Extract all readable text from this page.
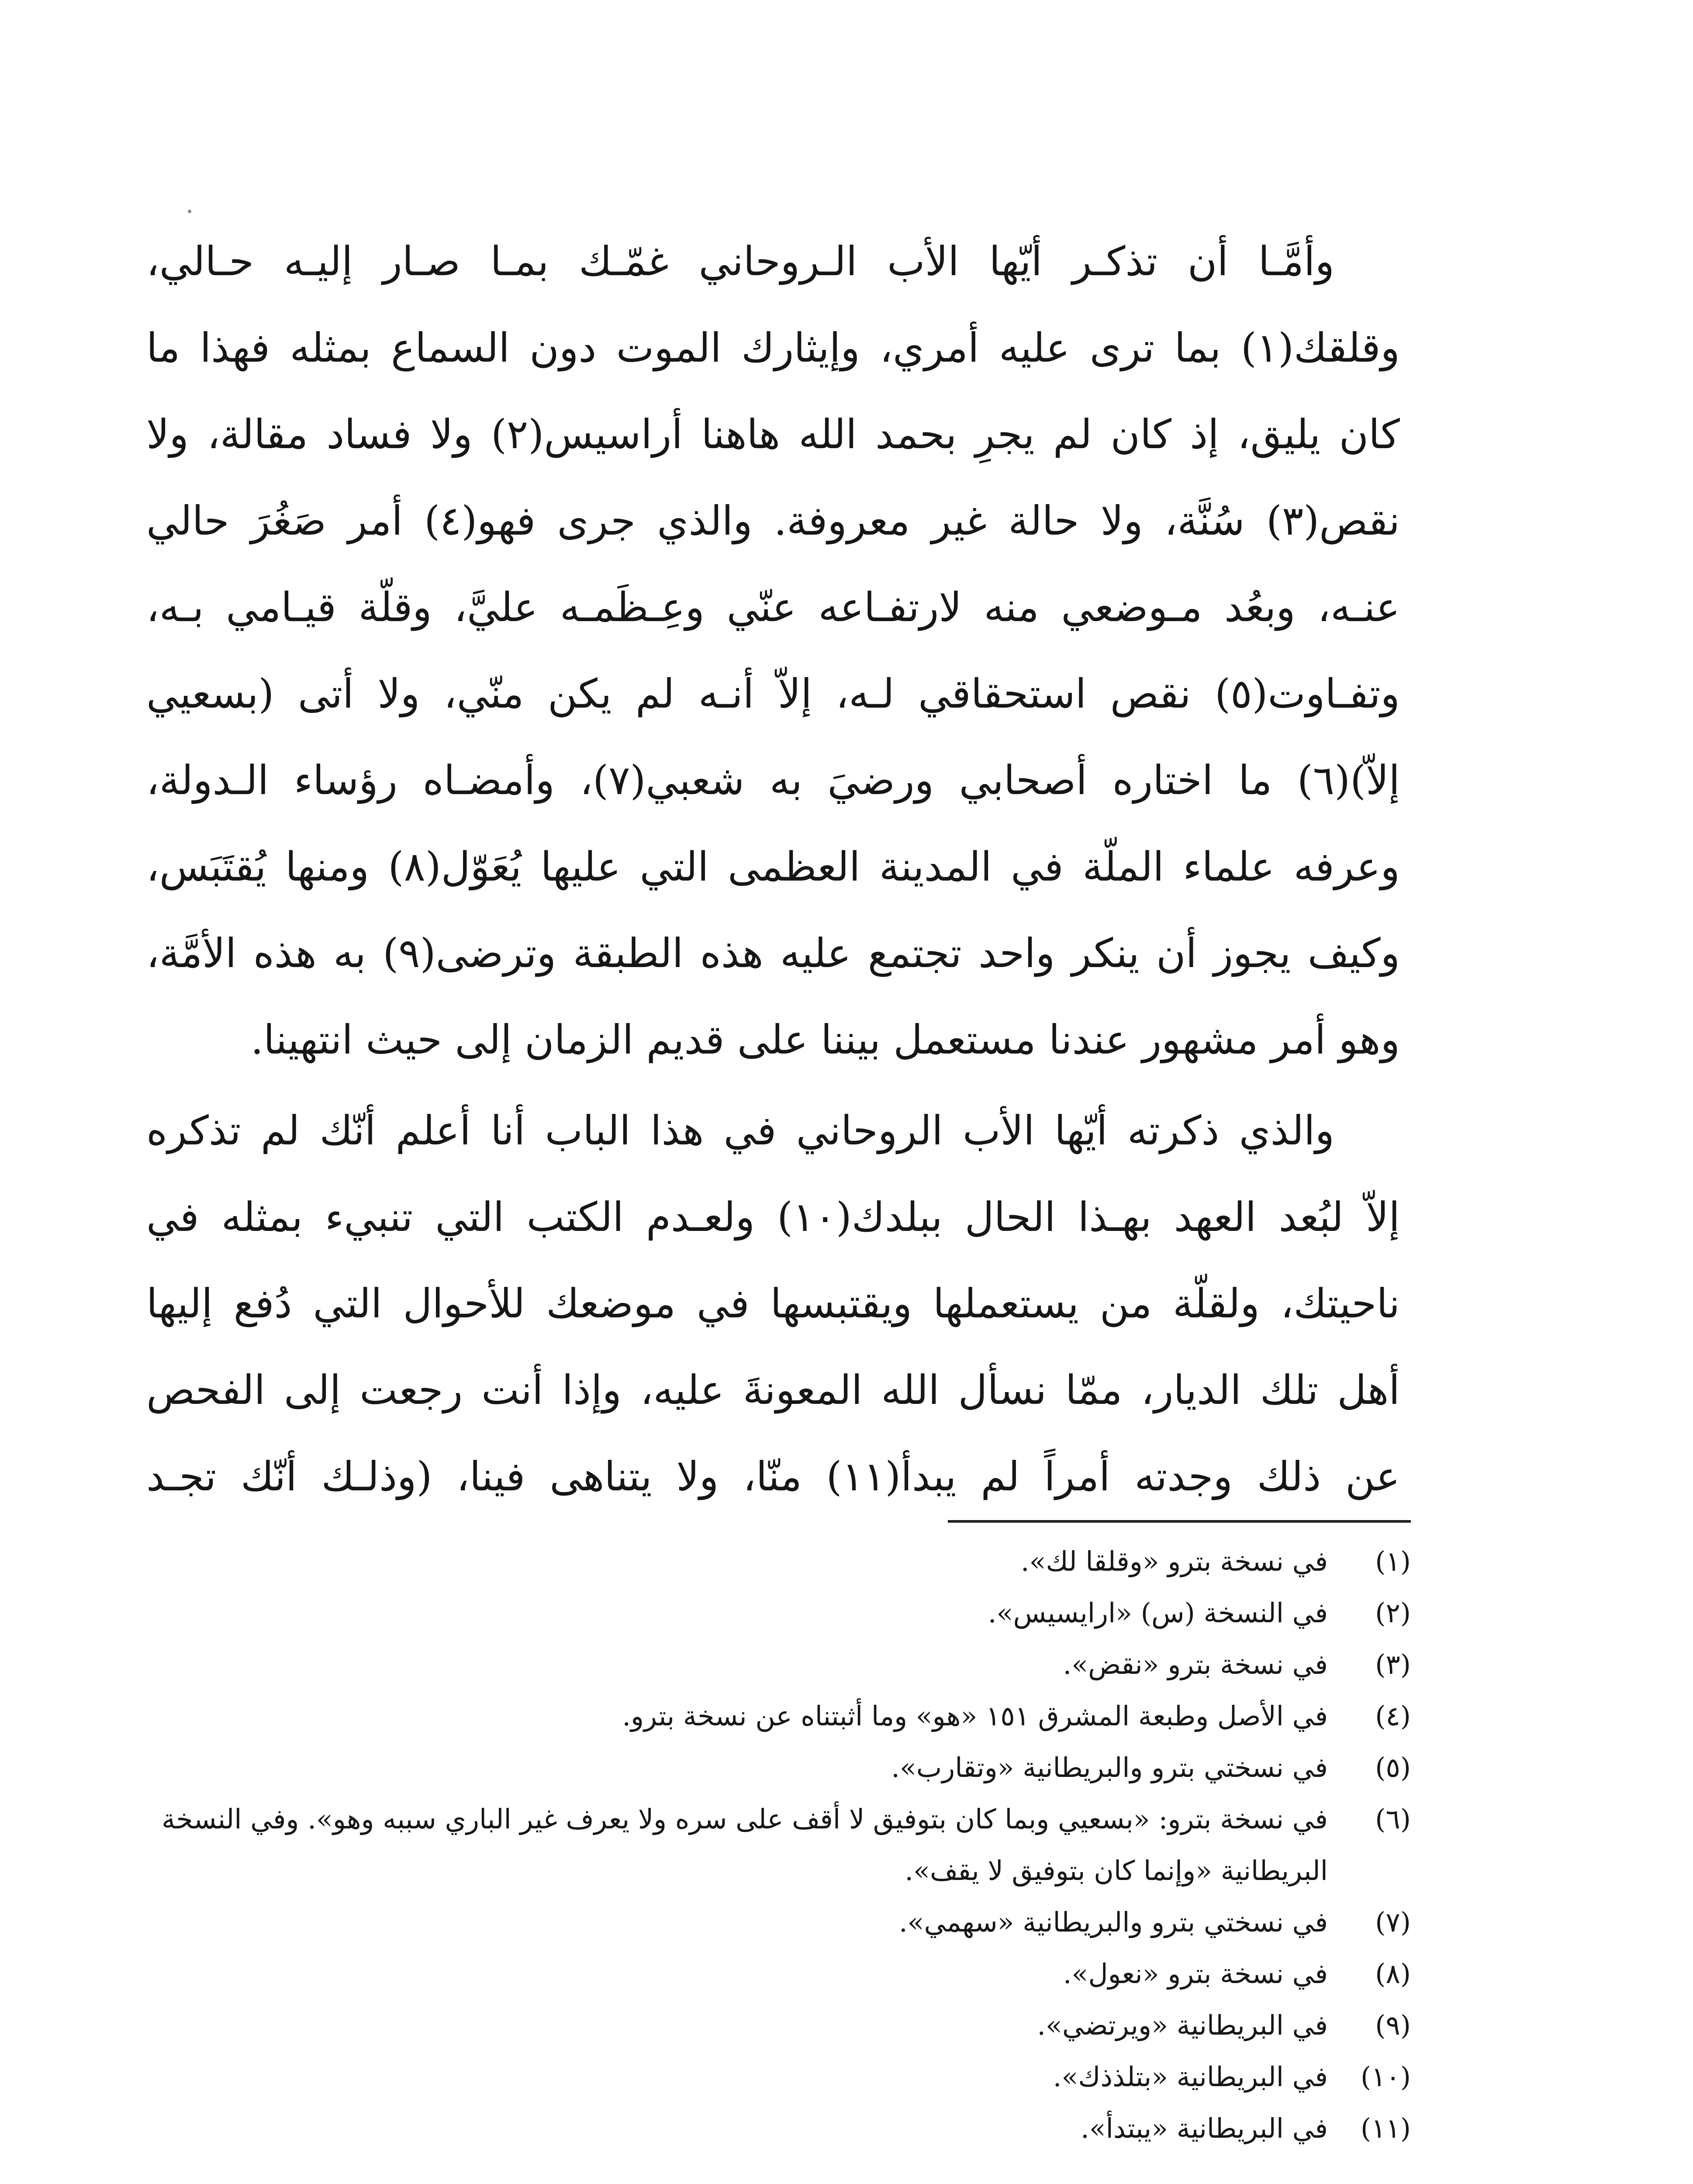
وأمَّـا أن تذكـر أيّها الأب الـروحاني غمّـك بمـا صـار إليـه حـالي،
وقلقك(١) بما ترى عليه أمري، وإيثارك الموت دون السماع بمثله فهذا ما
كان يليق، إذ كان لم يجرِ بحمد الله هاهنا أراسيس(٢) ولا فساد مقالة، ولا
نقص(٣) سُنَّة، ولا حالة غير معروفة. والذي جرى فهو(٤) أمر صَغُرَ حالي
عنـه، وبعُد مـوضعي منه لارتفـاعه عنّي وعِـظَمـه عليَّ، وقلّة قيـامي بـه،
وتفـاوت(٥) نقص استحقاقي لـه، إلاّ أنـه لم يكن منّي، ولا أتى (بسعيي
إلاّ)(٦) ما اختاره أصحابي ورضيَ به شعبي(٧)، وأمضـاه رؤساء الـدولة،
وعرفه علماء الملّة في المدينة العظمى التي عليها يُعَوّل(٨) ومنها يُقتَبَس،
وكيف يجوز أن ينكر واحد تجتمع عليه هذه الطبقة وترضى(٩) به هذه الأمَّة،
وهو أمر مشهور عندنا مستعمل بيننا على قديم الزمان إلى حيث انتهينا.
والذي ذكرته أيّها الأب الروحاني في هذا الباب أنا أعلم أنّك لم تذكره
إلاّ لبُعد العهد بهـذا الحال ببلدك(١٠) ولعـدم الكتب التي تنبيء بمثله في
ناحيتك، ولقلّة من يستعملها ويقتبسها في موضعك للأحوال التي دُفع إليها
أهل تلك الديار، ممّا نسأل الله المعونةَ عليه، وإذا أنت رجعت إلى الفحص
عن ذلك وجدته أمراً لم يبدأ(١١) منّا، ولا يتناهى فينا، (وذلـك أنّك تجـد
(١)
في نسخة بترو «وقلقا لك».
(٢)
في النسخة (س) «ارايسيس».
(٣)
في نسخة بترو «نقض».
(٤)
في الأصل وطبعة المشرق ١٥١ «هو» وما أثبتناه عن نسخة بترو.
(٥)
في نسختي بترو والبريطانية «وتقارب».
(٦)
في نسخة بترو: «بسعيي وبما كان بتوفيق لا أقف على سره ولا يعرف غير الباري سببه وهو». وفي النسخة البريطانية «وإنما كان بتوفيق لا يقف».
(٧)
في نسختي بترو والبريطانية «سهمي».
(٨)
في نسخة بترو «نعول».
(٩)
في البريطانية «ويرتضي».
(١٠)
في البريطانية «بتلذذك».
(١١)
في البريطانية «يبتدأ».
